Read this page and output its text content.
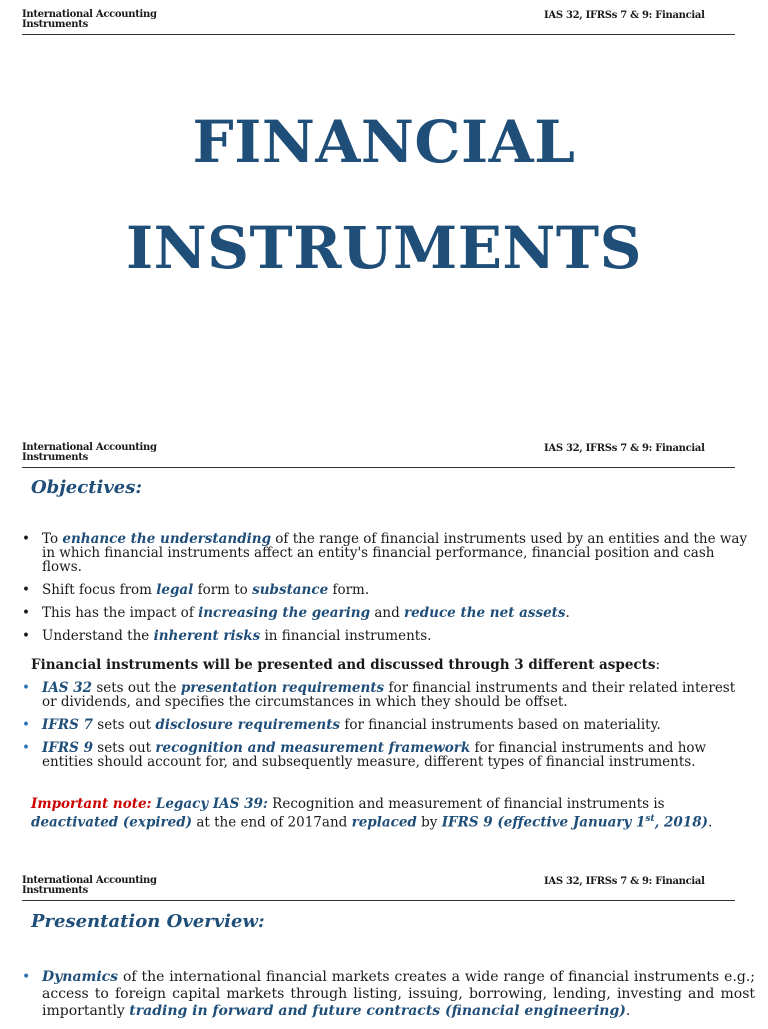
International Accounting Instruments
IAS 32, IFRSs 7 & 9: Financial
FINANCIAL
INSTRUMENTS
International Accounting Instruments
IAS 32, IFRSs 7 & 9: Financial
Objectives:
• To enhance the understanding of the range of financial instruments used by an entities and the way in which financial instruments affect an entity's financial performance, financial position and cash flows.
• Shift focus from legal form to substance form.
• This has the impact of increasing the gearing and reduce the net assets.
• Understand the inherent risks in financial instruments.
Financial instruments will be presented and discussed through 3 different aspects:
• IAS 32 sets out the presentation requirements for financial instruments and their related interest or dividends, and specifies the circumstances in which they should be offset.
• IFRS 7 sets out disclosure requirements for financial instruments based on materiality.
• IFRS 9 sets out recognition and measurement framework for financial instruments and how entities should account for, and subsequently measure, different types of financial instruments.
Important note: Legacy IAS 39: Recognition and measurement of financial instruments is deactivated (expired) at the end of 2017and replaced by IFRS 9 (effective January 1st, 2018).
International Accounting Instruments
IAS 32, IFRSs 7 & 9: Financial
Presentation Overview:
• Dynamics of the international financial markets creates a wide range of financial instruments e.g.; access to foreign capital markets through listing, issuing, borrowing, lending, investing and most importantly trading in forward and future contracts (financial engineering).
